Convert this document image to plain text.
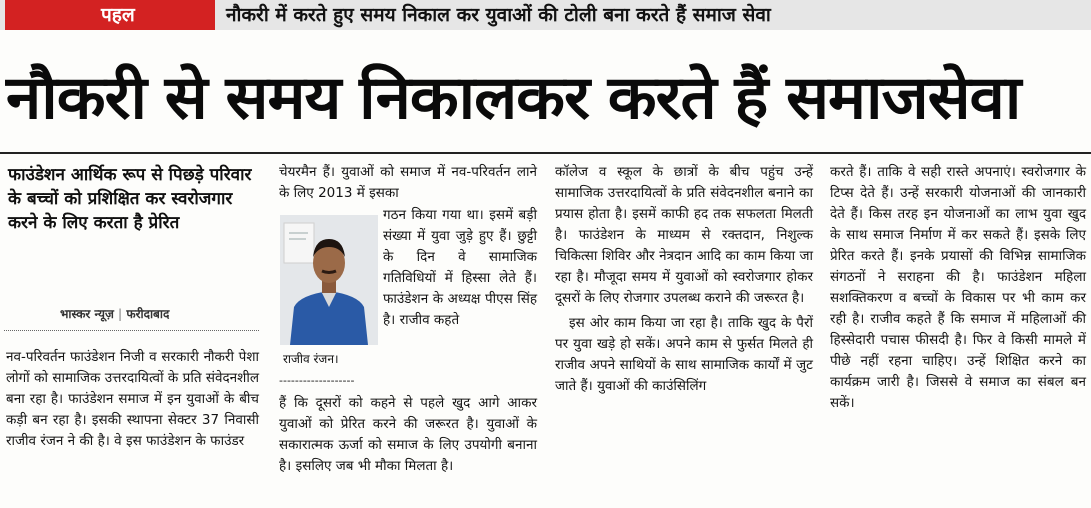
पहल	नौकरी में करते हुए समय निकाल कर युवाओं की टोली बना करते हैं समाज सेवा
नौकरी से समय निकालकर करते हैं समाजसेवा
फाउंडेशन आर्थिक रूप से पिछड़े परिवार के बच्चों को प्रशिक्षित कर स्वरोजगार करने के लिए करता है प्रेरित
भास्कर न्यूज़ | फरीदाबाद

नव-परिवर्तन फाउंडेशन निजी व सरकारी नौकरी पेशा लोगों को सामाजिक उत्तरदायित्वों के प्रति संवेदनशील बना रहा है। फाउंडेशन समाज में इन युवाओं के बीच कड़ी बन रहा है। इसकी स्थापना सेक्टर 37 निवासी राजीव रंजन ने की है। वे इस फाउंडेशन के फाउंडर

चेयरमैन हैं। युवाओं को समाज में नव-परिवर्तन लाने के लिए 2013 में इसका

गठन किया गया था। इसमें बड़ी संख्या में युवा जुड़े हुए हैं। छुट्टी के दिन वे सामाजिक गतिविधियों में हिस्सा लेते हैं। फाउंडेशन के अध्यक्ष पीएस सिंह है। राजीव कहते

राजीव रंजन।
-------------------

हैं कि दूसरों को कहने से पहले खुद आगे आकर युवाओं को प्रेरित करने की जरूरत है। युवाओं के सकारात्मक ऊर्जा को समाज के लिए उपयोगी बनाना है। इसलिए जब भी मौका मिलता है।

कॉलेज व स्कूल के छात्रों के बीच पहुंच उन्हें सामाजिक उत्तरदायित्वों के प्रति संवेदनशील बनाने का प्रयास होता है। इसमें काफी हद तक सफलता मिलती है। फाउंडेशन के माध्यम से रक्तदान, निशुल्क चिकित्सा शिविर और नेत्रदान आदि का काम किया जा रहा है। मौजूदा समय में युवाओं को स्वरोजगार होकर दूसरों के लिए रोजगार उपलब्ध कराने की जरूरत है।

इस ओर काम किया जा रहा है। ताकि खुद के पैरों पर युवा खड़े हो सकें। अपने काम से फुर्सत मिलते ही राजीव अपने साथियों के साथ सामाजिक कार्यों में जुट जाते हैं। युवाओं की काउंसिलिंग

करते हैं। ताकि वे सही रास्ते अपनाएं। स्वरोजगार के टिप्स देते हैं। उन्हें सरकारी योजनाओं की जानकारी देते हैं। किस तरह इन योजनाओं का लाभ युवा खुद के साथ समाज निर्माण में कर सकते हैं। इसके लिए प्रेरित करते हैं। इनके प्रयासों की विभिन्न सामाजिक संगठनों ने सराहना की है। फाउंडेशन महिला सशक्तिकरण व बच्चों के विकास पर भी काम कर रही है। राजीव कहते हैं कि समाज में महिलाओं की हिस्सेदारी पचास फीसदी है। फिर वे किसी मामले में पीछे नहीं रहना चाहिए। उन्हें शिक्षित करने का कार्यक्रम जारी है। जिससे वे समाज का संबल बन सकें।
